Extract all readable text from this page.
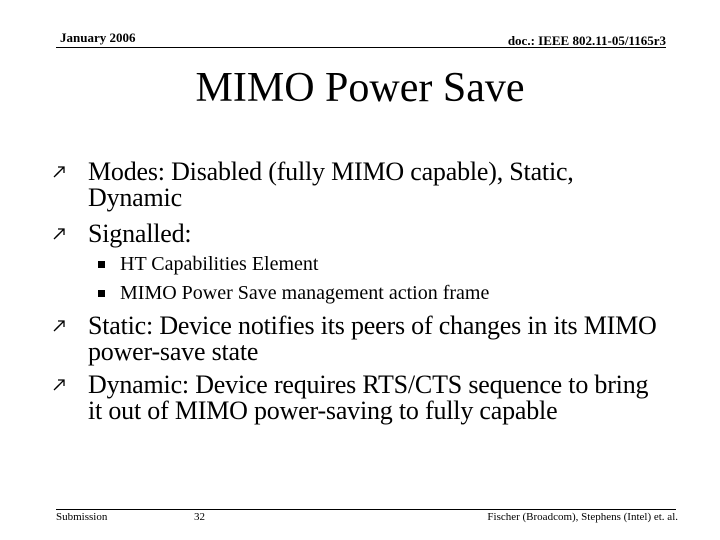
January 2006	doc.: IEEE 802.11-05/1165r3
MIMO Power Save
Modes: Disabled (fully MIMO capable), Static, Dynamic
Signalled:
HT Capabilities Element
MIMO Power Save management action frame
Static: Device notifies its peers of changes in its MIMO power-save state
Dynamic: Device requires RTS/CTS sequence to bring it out of MIMO power-saving to fully capable
Submission	32	Fischer (Broadcom), Stephens (Intel) et. al.
